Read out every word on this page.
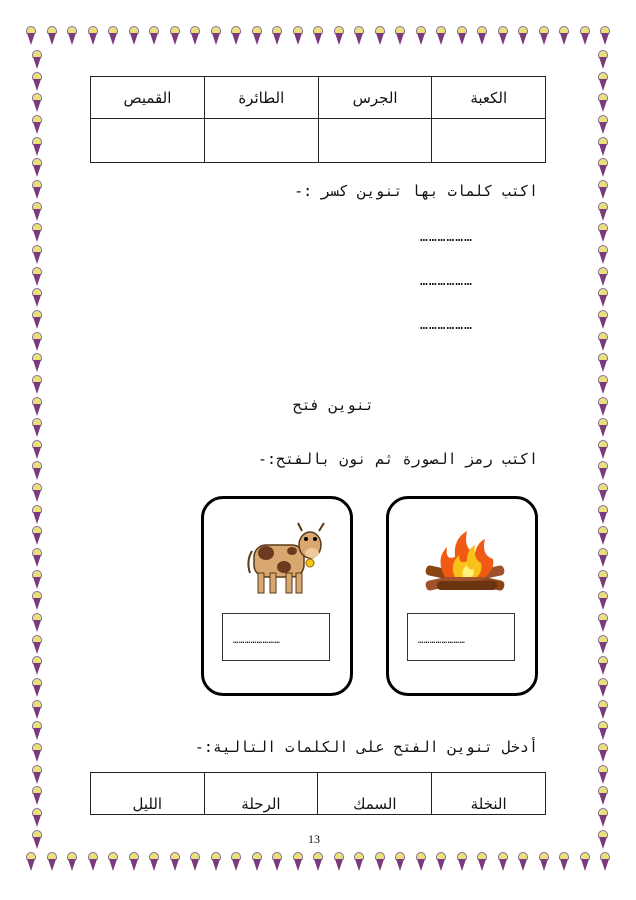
الكعبة	الجرس	الطائرة	القميص

اكتب كلمات بها تنوين كسر :-
………………
………………
………………
تنوين فتح
اكتب رمز الصورة ثم نون بالفتح:-
……………………
……………………
أدخل تنوين الفتح على الكلمات التالية:-
النخلة	السمك	الرحلة	الليل
13
